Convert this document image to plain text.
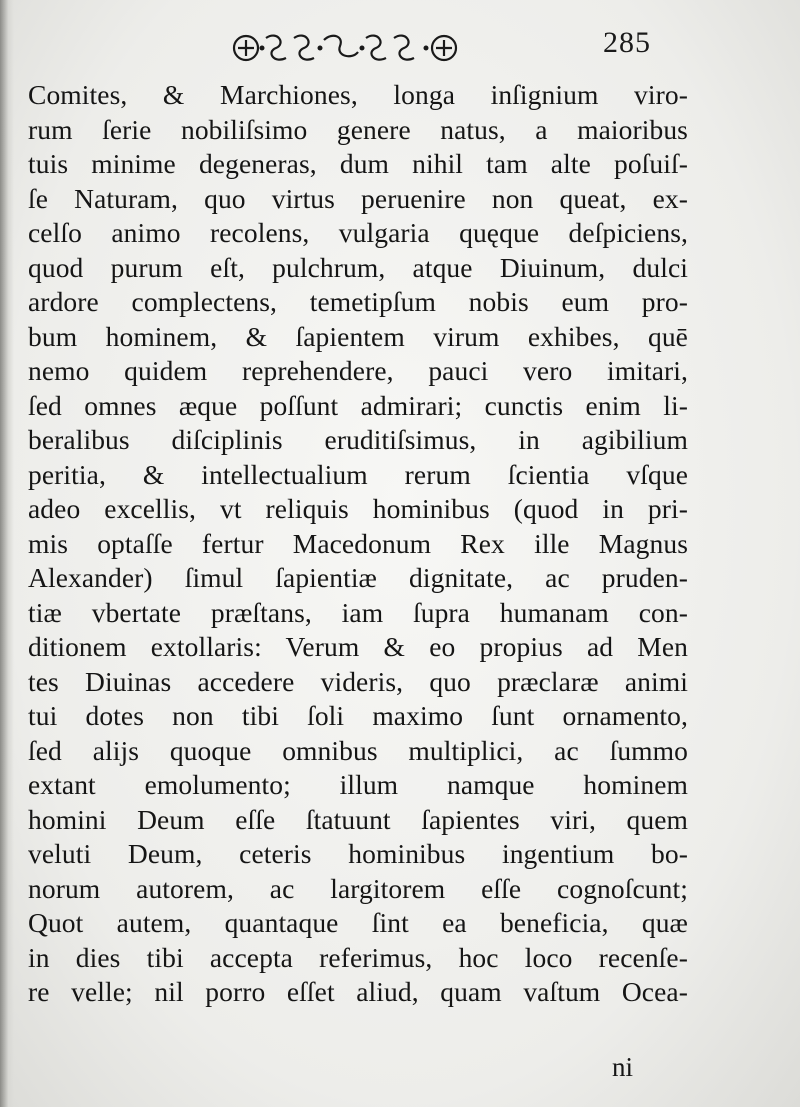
285
Comites, & Marchiones, longa inſignium viro-
rum ſerie nobiliſsimo genere natus, a maioribus
tuis minime degeneras, dum nihil tam alte poſuiſ-
ſe Naturam, quo virtus peruenire non queat, ex-
celſo animo recolens, vulgaria quęque deſpiciens,
quod purum eſt, pulchrum, atque Diuinum, dulci
ardore complectens, temetipſum nobis eum pro-
bum hominem, & ſapientem virum exhibes, quē
nemo quidem reprehendere, pauci vero imitari,
ſed omnes æque poſſunt admirari; cunctis enim li-
beralibus diſciplinis eruditiſsimus, in agibilium
peritia, & intellectualium rerum ſcientia vſque
adeo excellis, vt reliquis hominibus (quod in pri-
mis optaſſe fertur Macedonum Rex ille Magnus
Alexander) ſimul ſapientiæ dignitate, ac pruden-
tiæ vbertate præſtans, iam ſupra humanam con-
ditionem extollaris: Verum & eo propius ad Men
tes Diuinas accedere videris, quo præclaræ animi
tui dotes non tibi ſoli maximo ſunt ornamento,
ſed alijs quoque omnibus multiplici, ac ſummo
extant emolumento; illum namque hominem
homini Deum eſſe ſtatuunt ſapientes viri, quem
veluti Deum, ceteris hominibus ingentium bo-
norum autorem, ac largitorem eſſe cognoſcunt;
Quot autem, quantaque ſint ea beneficia, quæ
in dies tibi accepta referimus, hoc loco recenſe-
re velle; nil porro eſſet aliud, quam vaſtum Ocea-
ni
